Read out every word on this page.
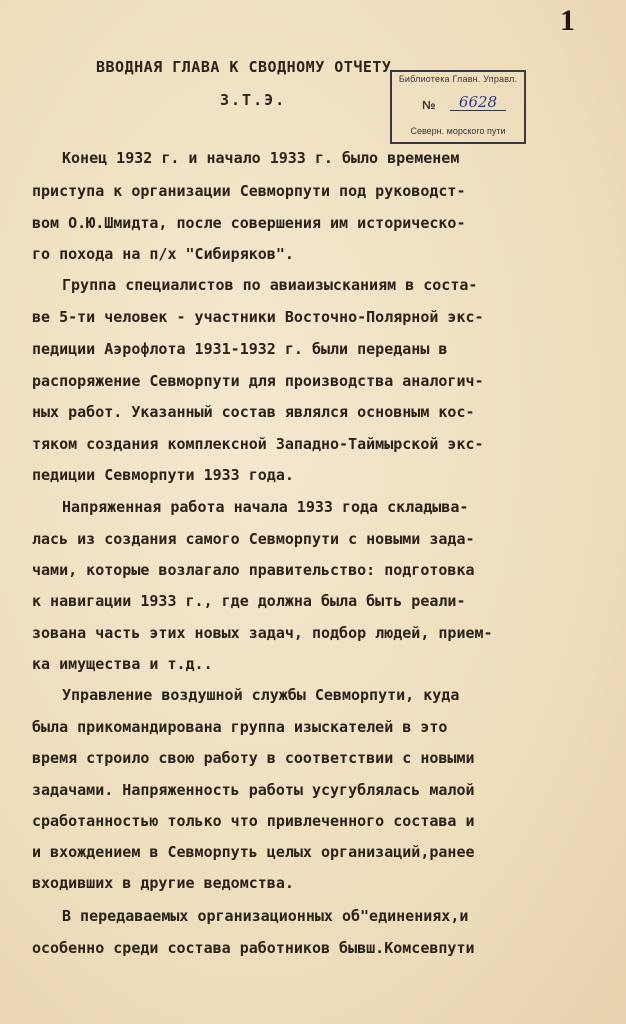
1
Библиотека Главн. Управл.
№	6628
Северн. морского пути
ВВОДНАЯ ГЛАВА К СВОДНОМУ ОТЧЕТУ
З.Т.Э.
Конец 1932 г. и начало 1933 г. было временем
приступа к организации Севморпути под руководст-
вом О.Ю.Шмидта, после совершения им историческо-
го похода на п/х "Сибиряков".
Группа специалистов по авиаизысканиям в соста-
ве 5-ти человек - участники Восточно-Полярной экс-
педиции Аэрофлота 1931-1932 г. были переданы в
распоряжение Севморпути для производства аналогич-
ных работ. Указанный состав являлся основным кос-
тяком создания комплексной Западно-Таймырской экс-
педиции Севморпути 1933 года.
Напряженная работа начала 1933 года складыва-
лась из создания самого Севморпути с новыми зада-
чами, которые возлагало правительство: подготовка
к навигации 1933 г., где должна была быть реали-
зована часть этих новых задач, подбор людей, прием-
ка имущества и т.д..
Управление воздушной службы Севморпути, куда
была прикомандирована группа изыскателей в это
время строило свою работу в соответствии с новыми
задачами. Напряженность работы усугублялась малой
сработанностью только что привлеченного состава и
и вхождением в Севморпуть целых организаций,ранее
входивших в другие ведомства.
В передаваемых организационных об"единениях,и
особенно среди состава работников бывш.Комсевпути
